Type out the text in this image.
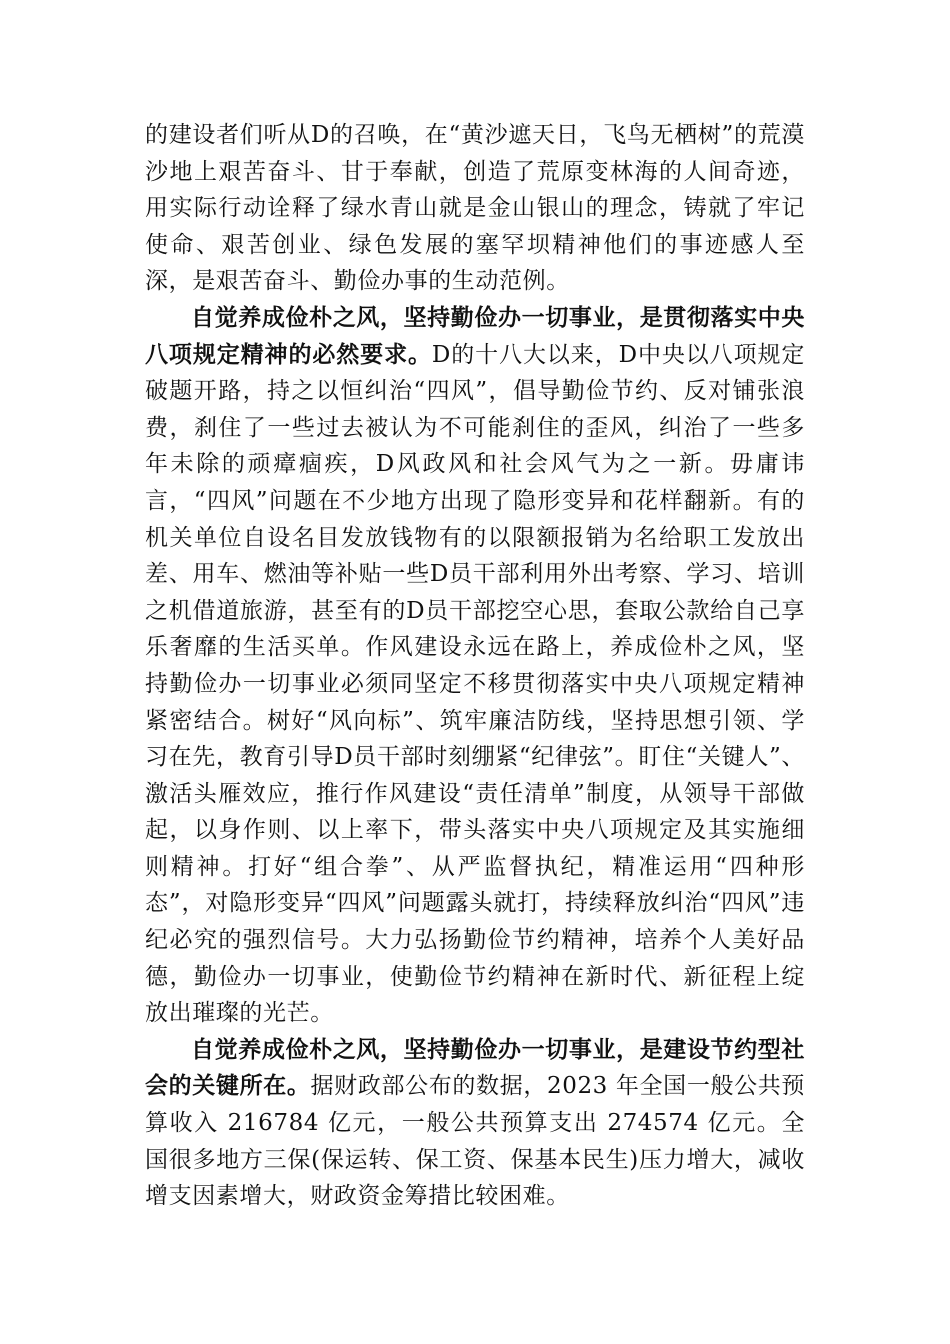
的建设者们听从D的召唤，在“黄沙遮天日，飞鸟无栖树”的荒漠沙地上艰苦奋斗、甘于奉献，创造了荒原变林海的人间奇迹，用实际行动诠释了绿水青山就是金山银山的理念，铸就了牢记使命、艰苦创业、绿色发展的塞罕坝精神他们的事迹感人至深，是艰苦奋斗、勤俭办事的生动范例。

自觉养成俭朴之风，坚持勤俭办一切事业，是贯彻落实中央八项规定精神的必然要求。D的十八大以来，D中央以八项规定破题开路，持之以恒纠治“四风”，倡导勤俭节约、反对铺张浪费，刹住了一些过去被认为不可能刹住的歪风，纠治了一些多年未除的顽瘴痼疾，D风政风和社会风气为之一新。毋庸讳言，“四风”问题在不少地方出现了隐形变异和花样翻新。有的机关单位自设名目发放钱物有的以限额报销为名给职工发放出差、用车、燃油等补贴一些D员干部利用外出考察、学习、培训之机借道旅游，甚至有的D员干部挖空心思，套取公款给自己享乐奢靡的生活买单。作风建设永远在路上，养成俭朴之风，坚持勤俭办一切事业必须同坚定不移贯彻落实中央八项规定精神紧密结合。树好“风向标”、筑牢廉洁防线，坚持思想引领、学习在先，教育引导D员干部时刻绷紧“纪律弦”。盯住“关键人”、激活头雁效应，推行作风建设“责任清单”制度，从领导干部做起，以身作则、以上率下，带头落实中央八项规定及其实施细则精神。打好“组合拳”、从严监督执纪，精准运用“四种形态”，对隐形变异“四风”问题露头就打，持续释放纠治“四风”违纪必究的强烈信号。大力弘扬勤俭节约精神，培养个人美好品德，勤俭办一切事业，使勤俭节约精神在新时代、新征程上绽放出璀璨的光芒。

自觉养成俭朴之风，坚持勤俭办一切事业，是建设节约型社会的关键所在。据财政部公布的数据，2023 年全国一般公共预算收入 216784 亿元，一般公共预算支出 274574 亿元。全国很多地方三保(保运转、保工资、保基本民生)压力增大，减收增支因素增大，财政资金筹措比较困难。
